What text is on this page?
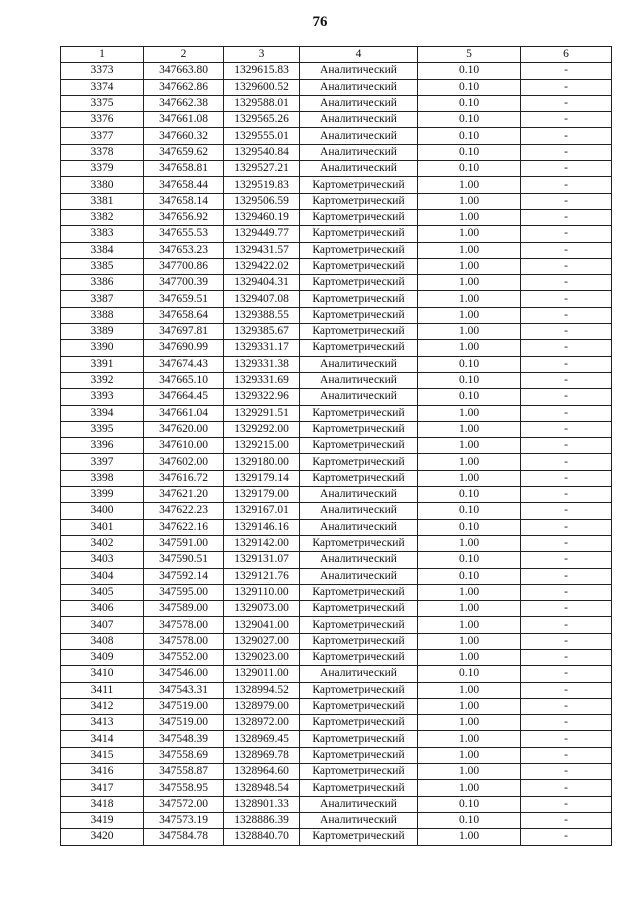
76
1	2	3	4	5	6
3373	347663.80	1329615.83	Аналитический	0.10	-
3374	347662.86	1329600.52	Аналитический	0.10	-
3375	347662.38	1329588.01	Аналитический	0.10	-
3376	347661.08	1329565.26	Аналитический	0.10	-
3377	347660.32	1329555.01	Аналитический	0.10	-
3378	347659.62	1329540.84	Аналитический	0.10	-
3379	347658.81	1329527.21	Аналитический	0.10	-
3380	347658.44	1329519.83	Картометрический	1.00	-
3381	347658.14	1329506.59	Картометрический	1.00	-
3382	347656.92	1329460.19	Картометрический	1.00	-
3383	347655.53	1329449.77	Картометрический	1.00	-
3384	347653.23	1329431.57	Картометрический	1.00	-
3385	347700.86	1329422.02	Картометрический	1.00	-
3386	347700.39	1329404.31	Картометрический	1.00	-
3387	347659.51	1329407.08	Картометрический	1.00	-
3388	347658.64	1329388.55	Картометрический	1.00	-
3389	347697.81	1329385.67	Картометрический	1.00	-
3390	347690.99	1329331.17	Картометрический	1.00	-
3391	347674.43	1329331.38	Аналитический	0.10	-
3392	347665.10	1329331.69	Аналитический	0.10	-
3393	347664.45	1329322.96	Аналитический	0.10	-
3394	347661.04	1329291.51	Картометрический	1.00	-
3395	347620.00	1329292.00	Картометрический	1.00	-
3396	347610.00	1329215.00	Картометрический	1.00	-
3397	347602.00	1329180.00	Картометрический	1.00	-
3398	347616.72	1329179.14	Картометрический	1.00	-
3399	347621.20	1329179.00	Аналитический	0.10	-
3400	347622.23	1329167.01	Аналитический	0.10	-
3401	347622.16	1329146.16	Аналитический	0.10	-
3402	347591.00	1329142.00	Картометрический	1.00	-
3403	347590.51	1329131.07	Аналитический	0.10	-
3404	347592.14	1329121.76	Аналитический	0.10	-
3405	347595.00	1329110.00	Картометрический	1.00	-
3406	347589.00	1329073.00	Картометрический	1.00	-
3407	347578.00	1329041.00	Картометрический	1.00	-
3408	347578.00	1329027.00	Картометрический	1.00	-
3409	347552.00	1329023.00	Картометрический	1.00	-
3410	347546.00	1329011.00	Аналитический	0.10	-
3411	347543.31	1328994.52	Картометрический	1.00	-
3412	347519.00	1328979.00	Картометрический	1.00	-
3413	347519.00	1328972.00	Картометрический	1.00	-
3414	347548.39	1328969.45	Картометрический	1.00	-
3415	347558.69	1328969.78	Картометрический	1.00	-
3416	347558.87	1328964.60	Картометрический	1.00	-
3417	347558.95	1328948.54	Картометрический	1.00	-
3418	347572.00	1328901.33	Аналитический	0.10	-
3419	347573.19	1328886.39	Аналитический	0.10	-
3420	347584.78	1328840.70	Картометрический	1.00	-
